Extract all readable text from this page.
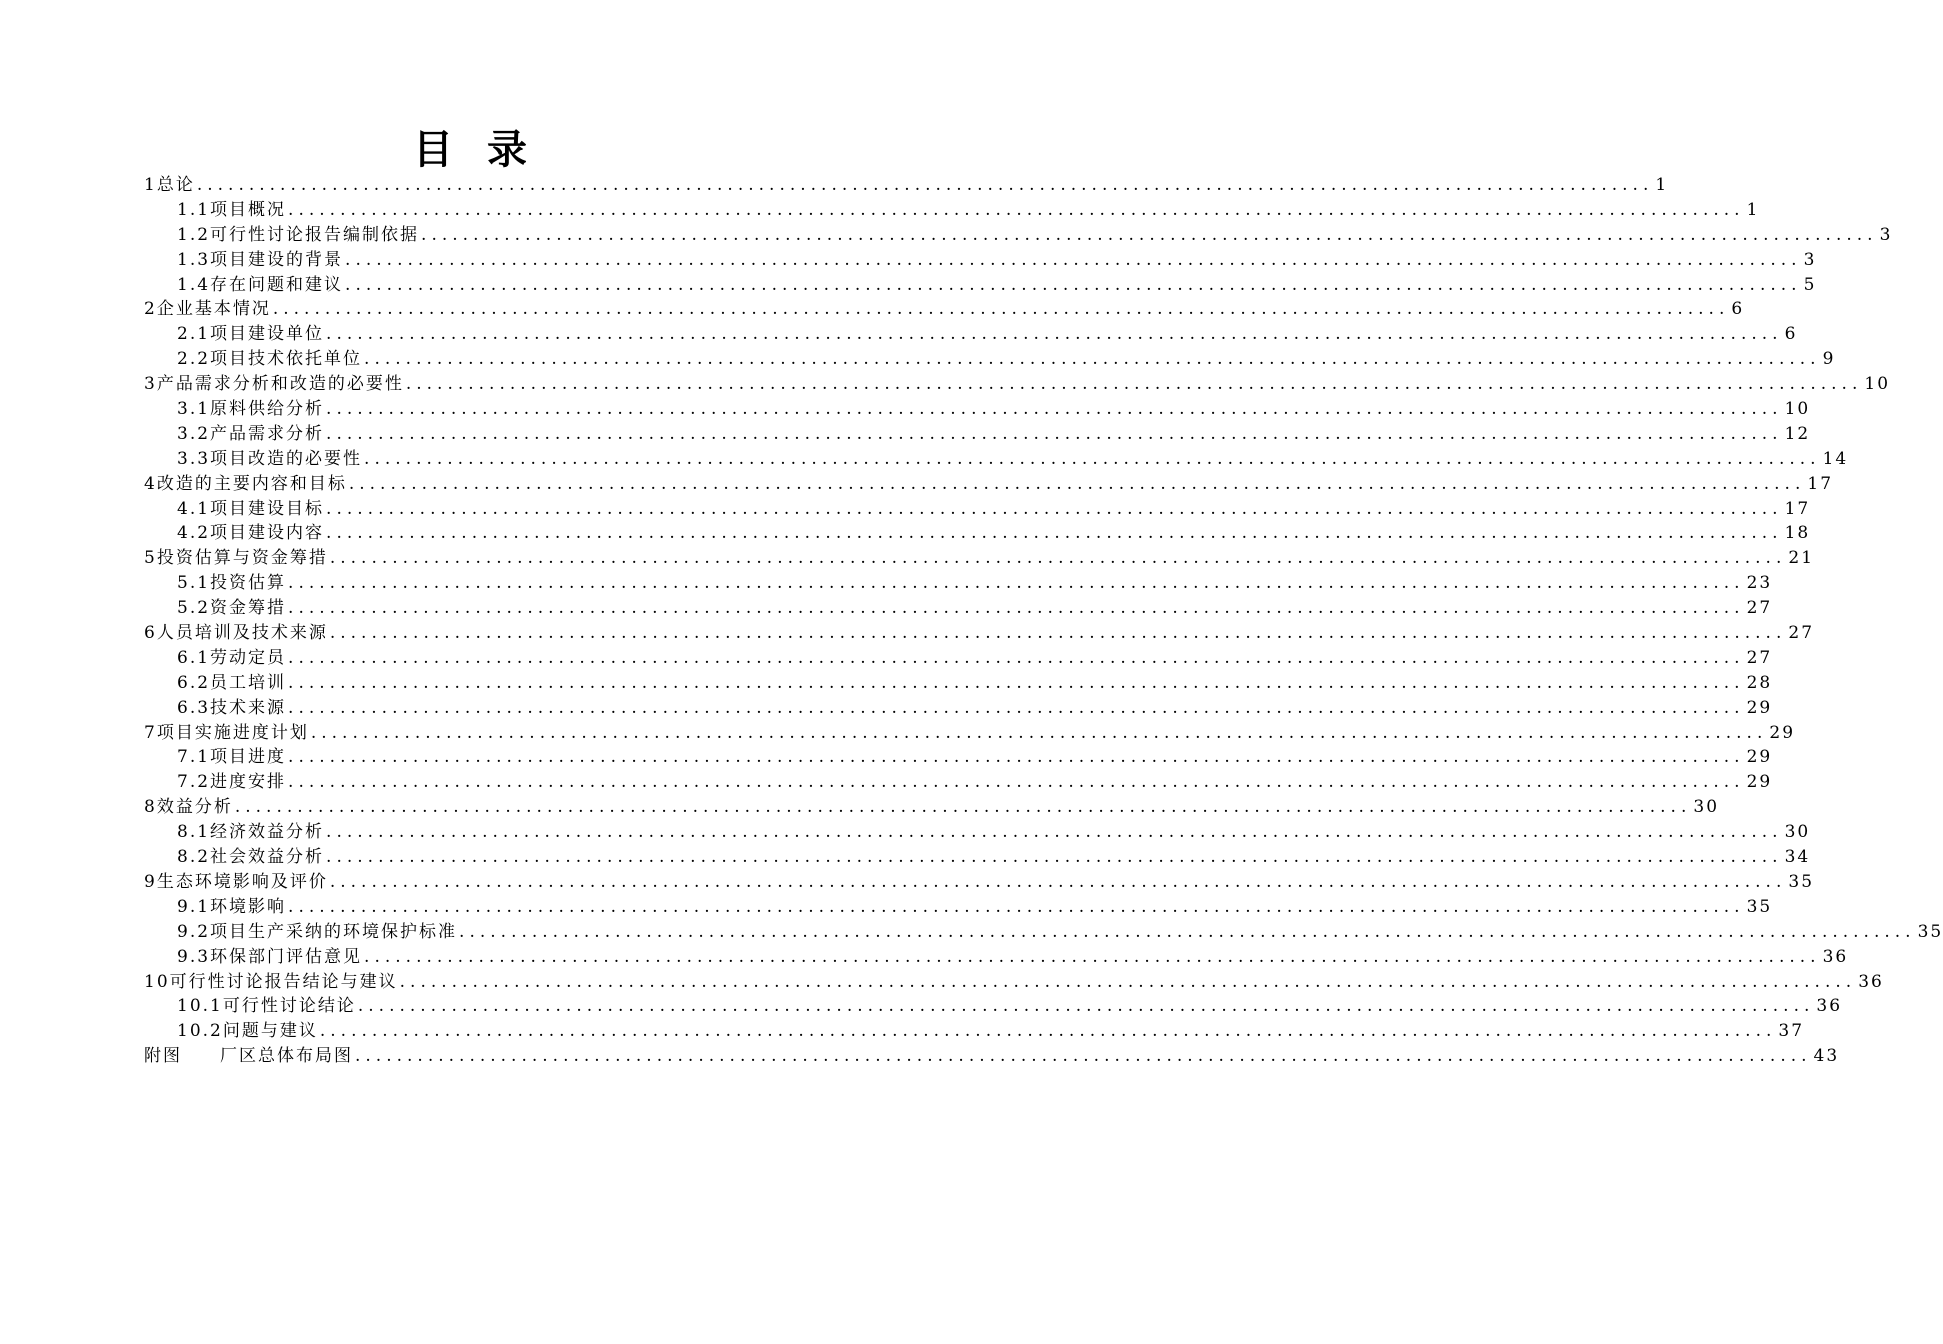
目 录
1总论 ............................................................................................................................................ 1
1.1项目概况 ............................................................................................................................................ 1
1.2可行性讨论报告编制依据 ............................................................................................................................................ 3
1.3项目建设的背景 ............................................................................................................................................ 3
1.4存在问题和建议 ............................................................................................................................................ 5
2企业基本情况 ............................................................................................................................................ 6
2.1项目建设单位 ............................................................................................................................................ 6
2.2项目技术依托单位 ............................................................................................................................................ 9
3产品需求分析和改造的必要性 ............................................................................................................................................ 10
3.1原料供给分析 ............................................................................................................................................ 10
3.2产品需求分析 ............................................................................................................................................ 12
3.3项目改造的必要性 ............................................................................................................................................ 14
4改造的主要内容和目标 ............................................................................................................................................ 17
4.1项目建设目标 ............................................................................................................................................ 17
4.2项目建设内容 ............................................................................................................................................ 18
5投资估算与资金筹措 ............................................................................................................................................ 21
5.1投资估算 ............................................................................................................................................ 23
5.2资金筹措 ............................................................................................................................................ 27
6人员培训及技术来源 ............................................................................................................................................ 27
6.1劳动定员 ............................................................................................................................................ 27
6.2员工培训 ............................................................................................................................................ 28
6.3技术来源 ............................................................................................................................................ 29
7项目实施进度计划 ............................................................................................................................................ 29
7.1项目进度 ............................................................................................................................................ 29
7.2进度安排 ............................................................................................................................................ 29
8效益分析 ............................................................................................................................................ 30
8.1经济效益分析 ............................................................................................................................................ 30
8.2社会效益分析 ............................................................................................................................................ 34
9生态环境影响及评价 ............................................................................................................................................ 35
9.1环境影响 ............................................................................................................................................ 35
9.2项目生产采纳的环境保护标准 ............................................................................................................................................ 35
9.3环保部门评估意见 ............................................................................................................................................ 36
10可行性讨论报告结论与建议 ............................................................................................................................................ 36
10.1可行性讨论结论 ............................................................................................................................................ 36
10.2问题与建议 ............................................................................................................................................ 37
附图 厂区总体布局图 ............................................................................................................................................ 43
